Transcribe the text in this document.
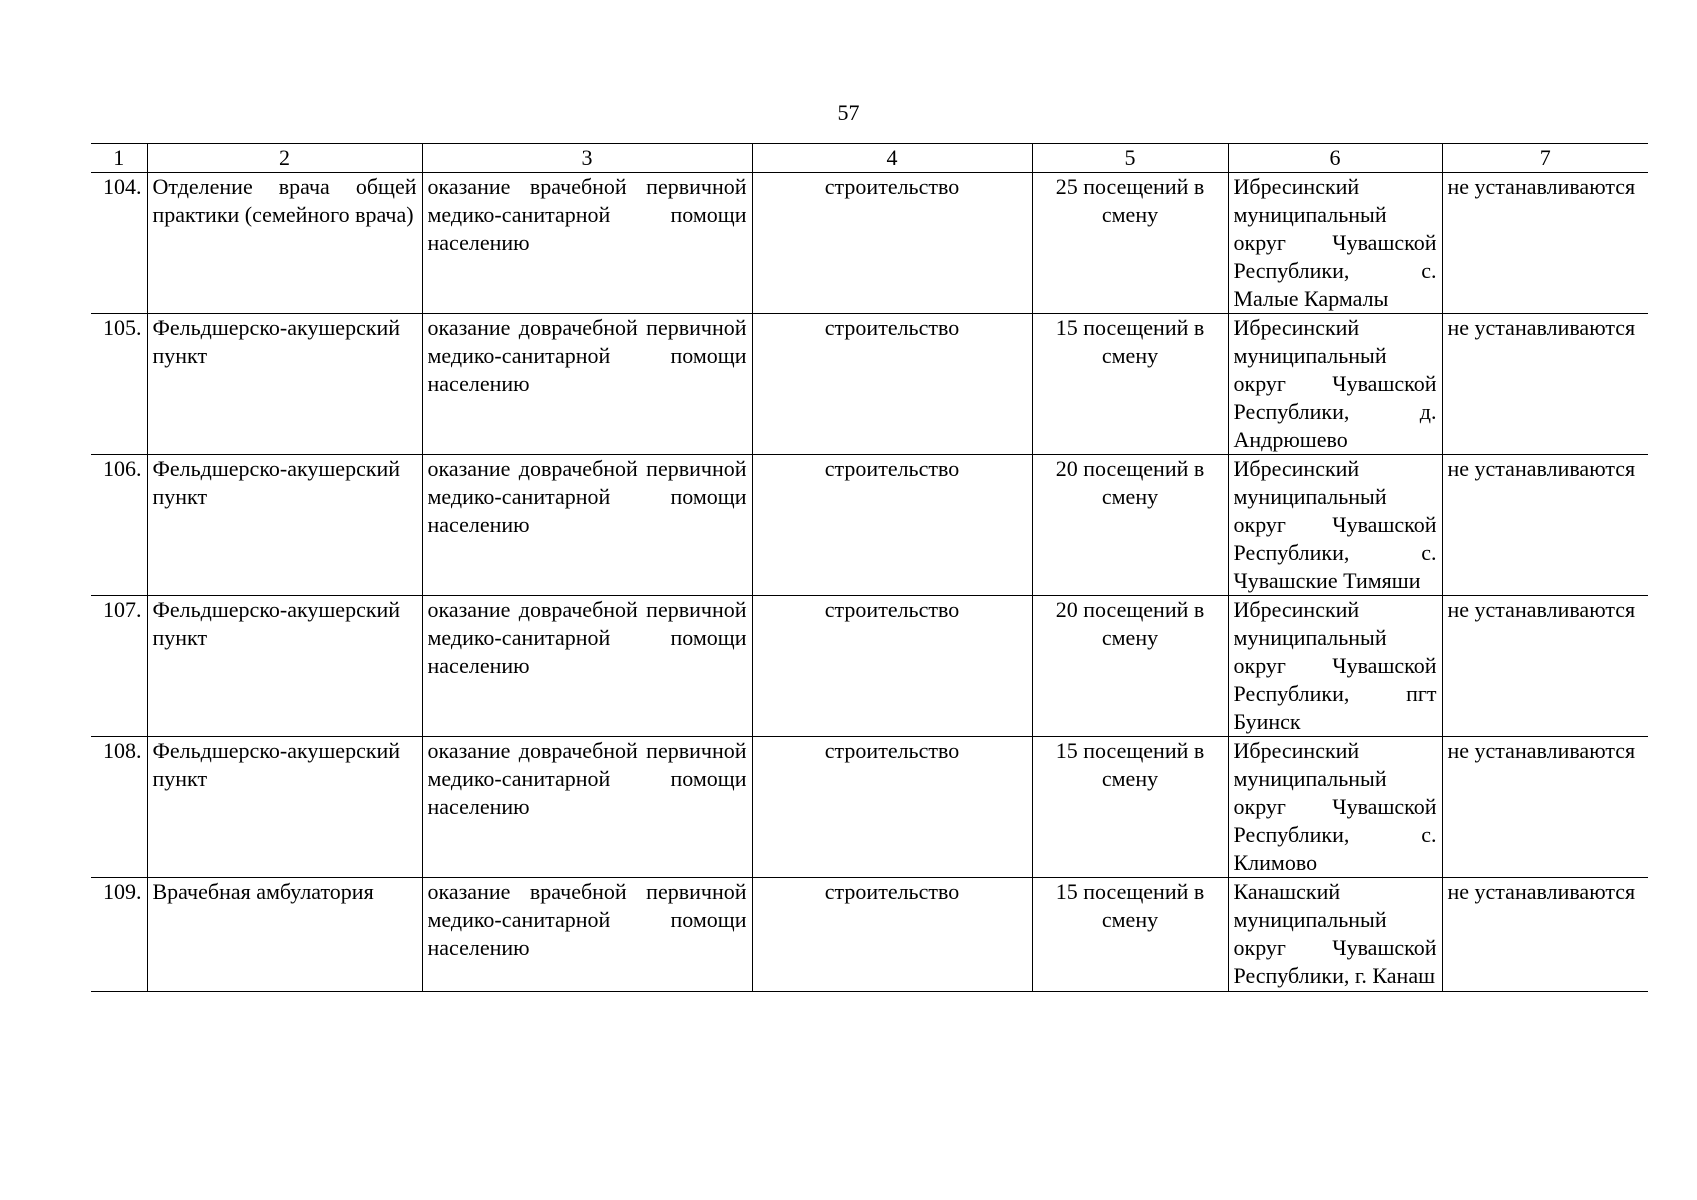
57
1	2	3	4	5	6	7
104.	Отделение врача общей практики (семейного врача)	оказание врачебной первичной медико-санитарной помощи населению	строительство	25 посещений в смену	Ибресинский муниципальный округ Чувашской Республики, с. Малые Кармалы	не устанавливаются
105.	Фельдшерско-акушерский пункт	оказание доврачебной первичной медико-санитарной помощи населению	строительство	15 посещений в смену	Ибресинский муниципальный округ Чувашской Республики, д. Андрюшево	не устанавливаются
106.	Фельдшерско-акушерский пункт	оказание доврачебной первичной медико-санитарной помощи населению	строительство	20 посещений в смену	Ибресинский муниципальный округ Чувашской Республики, с. Чувашские Тимяши	не устанавливаются
107.	Фельдшерско-акушерский пункт	оказание доврачебной первичной медико-санитарной помощи населению	строительство	20 посещений в смену	Ибресинский муниципальный округ Чувашской Республики, пгт Буинск	не устанавливаются
108.	Фельдшерско-акушерский пункт	оказание доврачебной первичной медико-санитарной помощи населению	строительство	15 посещений в смену	Ибресинский муниципальный округ Чувашской Республики, с. Климово	не устанавливаются
109.	Врачебная амбулатория	оказание врачебной первичной медико-санитарной помощи населению	строительство	15 посещений в смену	Канашский муниципальный округ Чувашской Республики, г. Канаш	не устанавливаются
